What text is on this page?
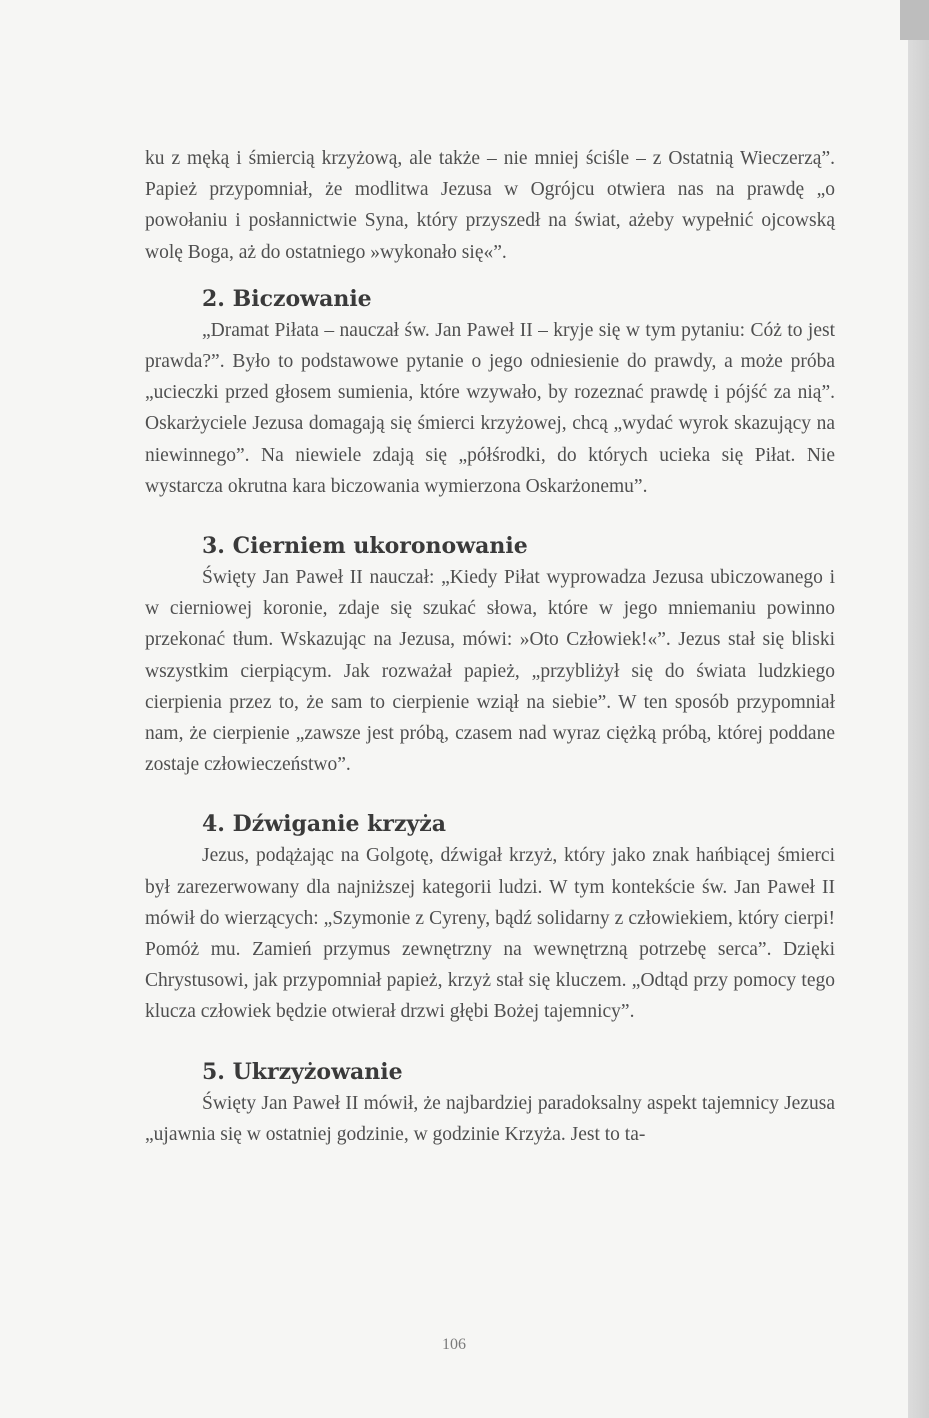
ku z męką i śmiercią krzyżową, ale także – nie mniej ściśle – z Ostatnią Wieczerzą”. Papież przypomniał, że modlitwa Jezusa w Ogrójcu otwiera nas na prawdę „o powołaniu i posłannictwie Syna, który przyszedł na świat, ażeby wypełnić ojcowską wolę Boga, aż do ostatniego »wykonało się«”.

2. Biczowanie

„Dramat Piłata – nauczał św. Jan Paweł II – kryje się w tym pytaniu: Cóż to jest prawda?”. Było to podstawowe pytanie o jego odniesienie do prawdy, a może próba „ucieczki przed głosem sumienia, które wzywało, by rozeznać prawdę i pójść za nią”. Oskarżyciele Jezusa domagają się śmierci krzyżowej, chcą „wydać wyrok skazujący na niewinnego”. Na niewiele zdają się „półśrodki, do których ucieka się Piłat. Nie wystarcza okrutna kara biczowania wymierzona Oskarżonemu”.

3. Cierniem ukoronowanie

Święty Jan Paweł II nauczał: „Kiedy Piłat wyprowadza Jezusa ubiczowanego i w cierniowej koronie, zdaje się szukać słowa, które w jego mniemaniu powinno przekonać tłum. Wskazując na Jezusa, mówi: »Oto Człowiek!«”. Jezus stał się bliski wszystkim cierpiącym. Jak rozważał papież, „przybliżył się do świata ludzkiego cierpienia przez to, że sam to cierpienie wziął na siebie”. W ten sposób przypomniał nam, że cierpienie „zawsze jest próbą, czasem nad wyraz ciężką próbą, której poddane zostaje człowieczeństwo”.

4. Dźwiganie krzyża

Jezus, podążając na Golgotę, dźwigał krzyż, który jako znak hańbiącej śmierci był zarezerwowany dla najniższej kategorii ludzi. W tym kontekście św. Jan Paweł II mówił do wierzących: „Szymonie z Cyreny, bądź solidarny z człowiekiem, który cierpi! Pomóż mu. Zamień przymus zewnętrzny na wewnętrzną potrzebę serca”. Dzięki Chrystusowi, jak przypomniał papież, krzyż stał się kluczem. „Odtąd przy pomocy tego klucza człowiek będzie otwierał drzwi głębi Bożej tajemnicy”.

5. Ukrzyżowanie

Święty Jan Paweł II mówił, że najbardziej paradoksalny aspekt tajemnicy Jezusa „ujawnia się w ostatniej godzinie, w godzinie Krzyża. Jest to ta-

106
